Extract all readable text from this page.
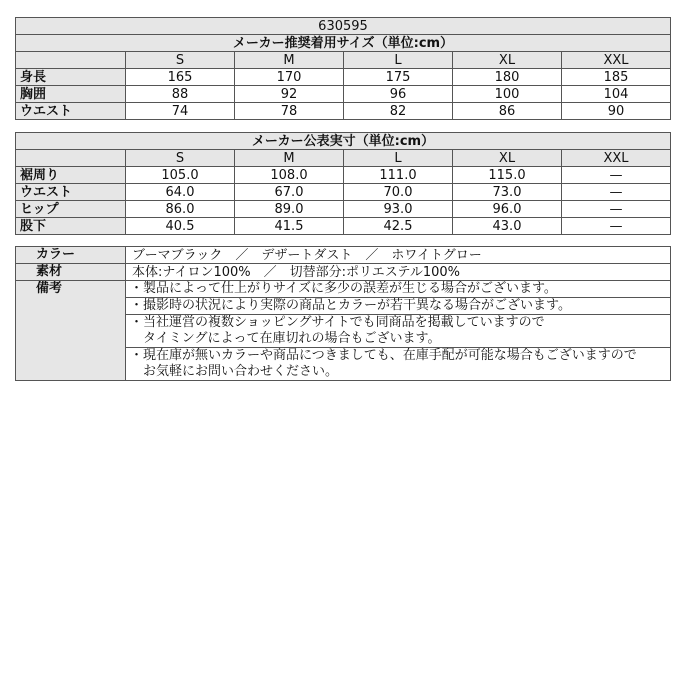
630595					
メーカー推奨着用サイズ（単位:cm）					
	S	M	L	XL	XXL
身長	165	170	175	180	185
胸囲	88	92	96	100	104
ウエスト	74	78	82	86	90
メーカー公表実寸（単位:cm）					
	S	M	L	XL	XXL
裾周り	105.0	108.0	111.0	115.0	—
ウエスト	64.0	67.0	70.0	73.0	—
ヒップ	86.0	89.0	93.0	96.0	—
股下	40.5	41.5	42.5	43.0	—
カラー	ブーマブラック　／　デザートダスト　／　ホワイトグロー
素材	本体:ナイロン100%　／　切替部分:ポリエステル100%
備考	・製品によって仕上がりサイズに多少の誤差が生じる場合がございます。

	・撮影時の状況により実際の商品とカラーが若干異なる場合がございます。

	・当社運営の複数ショッピングサイトでも同商品を掲載していますので
　タイミングによって在庫切れの場合もございます。

	・現在庫が無いカラーや商品につきましても、在庫手配が可能な場合もございますので
　お気軽にお問い合わせください。
